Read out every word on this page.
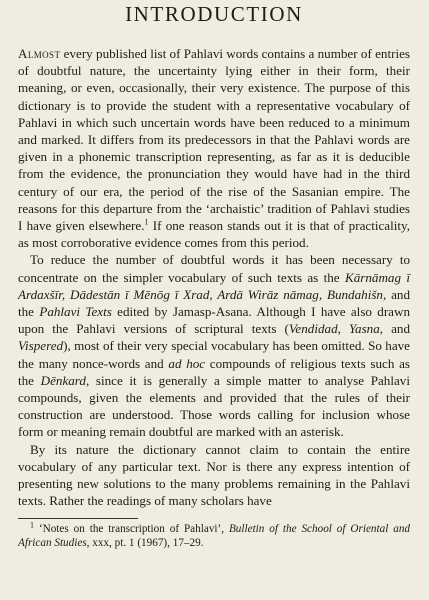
INTRODUCTION

Almost every published list of Pahlavi words contains a number of entries of doubtful nature, the uncertainty lying either in their form, their meaning, or even, occasionally, their very existence. The purpose of this dictionary is to provide the student with a representative vocabulary of Pahlavi in which such uncertain words have been reduced to a minimum and marked. It differs from its predecessors in that the Pahlavi words are given in a phonemic transcription representing, as far as it is deducible from the evidence, the pronunciation they would have had in the third century of our era, the period of the rise of the Sasanian empire. The reasons for this departure from the ‘archaistic’ tradition of Pahlavi studies I have given elsewhere.$^1$ If one reason stands out it is that of practicality, as most corroborative evidence comes from this period.

To reduce the number of doubtful words it has been necessary to concentrate on the simpler vocabulary of such texts as the Kārnāmag ī Ardaxšīr, Dādestān ī Mēnōg ī Xrad, Ardā Wirāz nāmag, Bundahišn, and the Pahlavi Texts edited by Jamasp-Asana. Although I have also drawn upon the Pahlavi versions of scriptural texts (Vendidad, Yasna, and Vispered), most of their very special vocabulary has been omitted. So have the many nonce-words and ad hoc compounds of religious texts such as the Dēnkard, since it is generally a simple matter to analyse Pahlavi compounds, given the elements and provided that the rules of their construction are understood. Those words calling for inclusion whose form or meaning remain doubtful are marked with an asterisk.

By its nature the dictionary cannot claim to contain the entire vocabulary of any particular text. Nor is there any express intention of presenting new solutions to the many problems remaining in the Pahlavi texts. Rather the readings of many scholars have

$^1$ ‘Notes on the transcription of Pahlavi’, Bulletin of the School of Oriental and African Studies, xxx, pt. 1 (1967), 17–29.
